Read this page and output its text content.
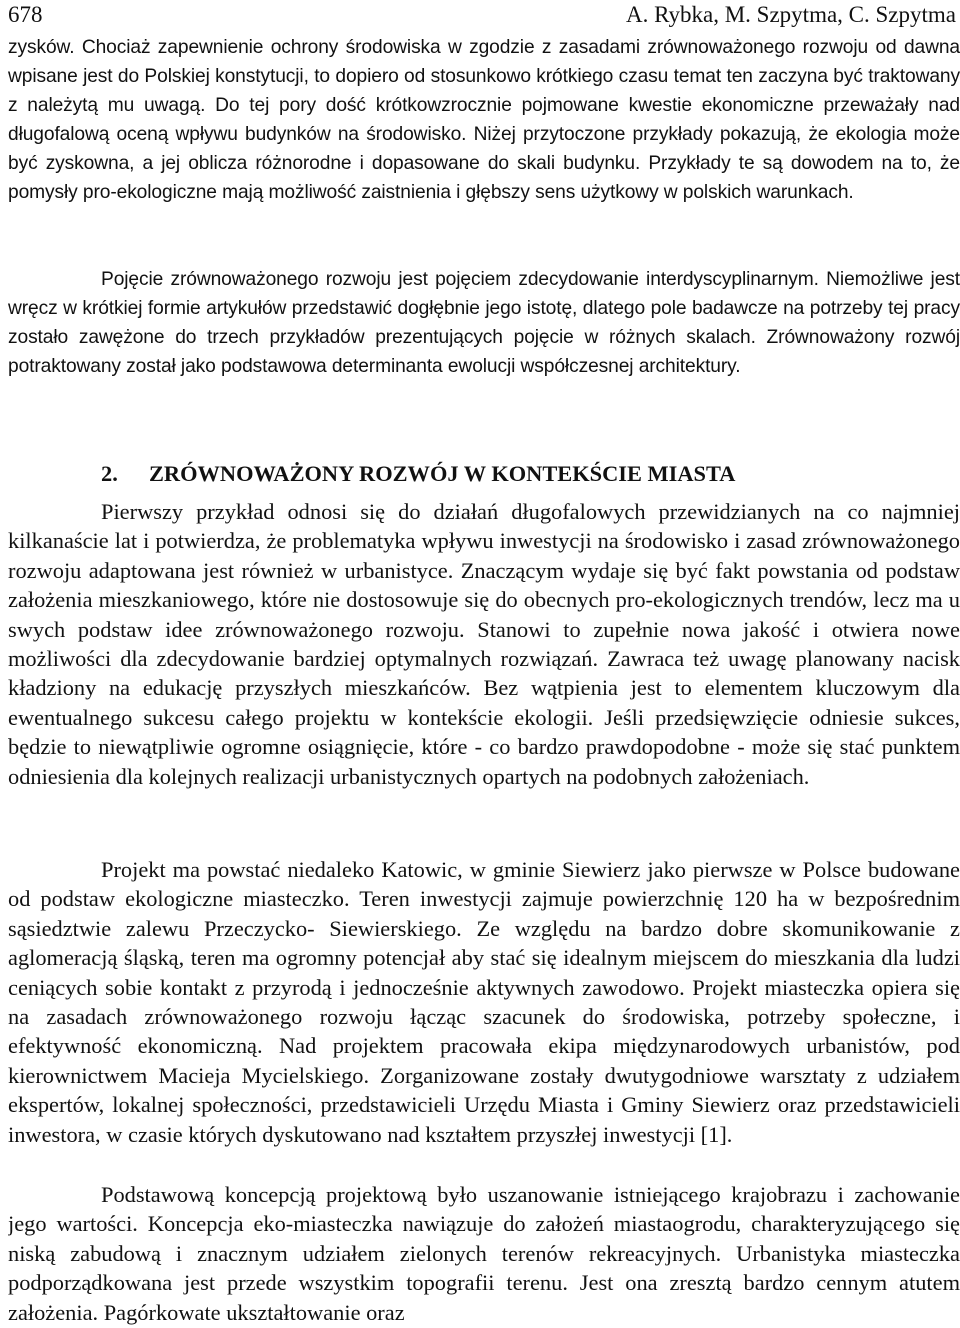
678	A. Rybka, M. Szpytma, C. Szpytma

zysków. Chociaż zapewnienie ochrony środowiska w zgodzie z zasadami zrównoważonego rozwoju od dawna wpisane jest do Polskiej konstytucji, to dopiero od stosunkowo krótkiego czasu temat ten zaczyna być traktowany z należytą mu uwagą. Do tej pory dość krótkowzrocznie pojmowane kwestie ekonomiczne przeważały nad długofalową oceną wpływu budynków na środowisko. Niżej przytoczone przykłady pokazują, że ekologia może być zyskowna, a jej oblicza różnorodne i dopasowane do skali budynku. Przykłady te są dowodem na to, że pomysły pro-ekologiczne mają możliwość zaistnienia i głębszy sens użytkowy w polskich warunkach.

Pojęcie zrównoważonego rozwoju jest pojęciem zdecydowanie interdyscyplinarnym. Niemożliwe jest wręcz w krótkiej formie artykułów przedstawić dogłębnie jego istotę, dlatego pole badawcze na potrzeby tej pracy zostało zawężone do trzech przykładów prezentujących pojęcie w różnych skalach. Zrównoważony rozwój potraktowany został jako podstawowa determinanta ewolucji współczesnej architektury.

2. ZRÓWNOWAŻONY ROZWÓJ W KONTEKŚCIE MIASTA

Pierwszy przykład odnosi się do działań długofalowych przewidzianych na co najmniej kilkanaście lat i potwierdza, że problematyka wpływu inwestycji na środowisko i zasad zrównoważonego rozwoju adaptowana jest również w urbanistyce. Znaczącym wydaje się być fakt powstania od podstaw założenia mieszkaniowego, które nie dostosowuje się do obecnych pro-ekologicznych trendów, lecz ma u swych podstaw idee zrównoważonego rozwoju. Stanowi to zupełnie nowa jakość i otwiera nowe możliwości dla zdecydowanie bardziej optymalnych rozwiązań. Zawraca też uwagę planowany nacisk kładziony na edukację przyszłych mieszkańców. Bez wątpienia jest to elementem kluczowym dla ewentualnego sukcesu całego projektu w kontekście ekologii. Jeśli przedsięwzięcie odniesie sukces, będzie to niewątpliwie ogromne osiągnięcie, które - co bardzo prawdopodobne - może się stać punktem odniesienia dla kolejnych realizacji urbanistycznych opartych na podobnych założeniach.

Projekt ma powstać niedaleko Katowic, w gminie Siewierz jako pierwsze w Polsce budowane od podstaw ekologiczne miasteczko. Teren inwestycji zajmuje powierzchnię 120 ha w bezpośrednim sąsiedztwie zalewu Przeczycko- Siewierskiego. Ze względu na bardzo dobre skomunikowanie z aglomeracją śląską, teren ma ogromny potencjał aby stać się idealnym miejscem do mieszkania dla ludzi ceniących sobie kontakt z przyrodą i jednocześnie aktywnych zawodowo. Projekt miasteczka opiera się na zasadach zrównoważonego rozwoju łącząc szacunek do środowiska, potrzeby społeczne, i efektywność ekonomiczną. Nad projektem pracowała ekipa międzynarodowych urbanistów, pod kierownictwem Macieja Mycielskiego. Zorganizowane zostały dwutygodniowe warsztaty z udziałem ekspertów, lokalnej społeczności, przedstawicieli Urzędu Miasta i Gminy Siewierz oraz przedstawicieli inwestora, w czasie których dyskutowano nad kształtem przyszłej inwestycji [1].

Podstawową koncepcją projektową było uszanowanie istniejącego krajobrazu i zachowanie jego wartości. Koncepcja eko-miasteczka nawiązuje do założeń miastaogrodu, charakteryzującego się niską zabudową i znacznym udziałem zielonych terenów rekreacyjnych. Urbanistyka miasteczka podporządkowana jest przede wszystkim topografii terenu. Jest ona zresztą bardzo cennym atutem założenia. Pagórkowate ukształtowanie oraz
